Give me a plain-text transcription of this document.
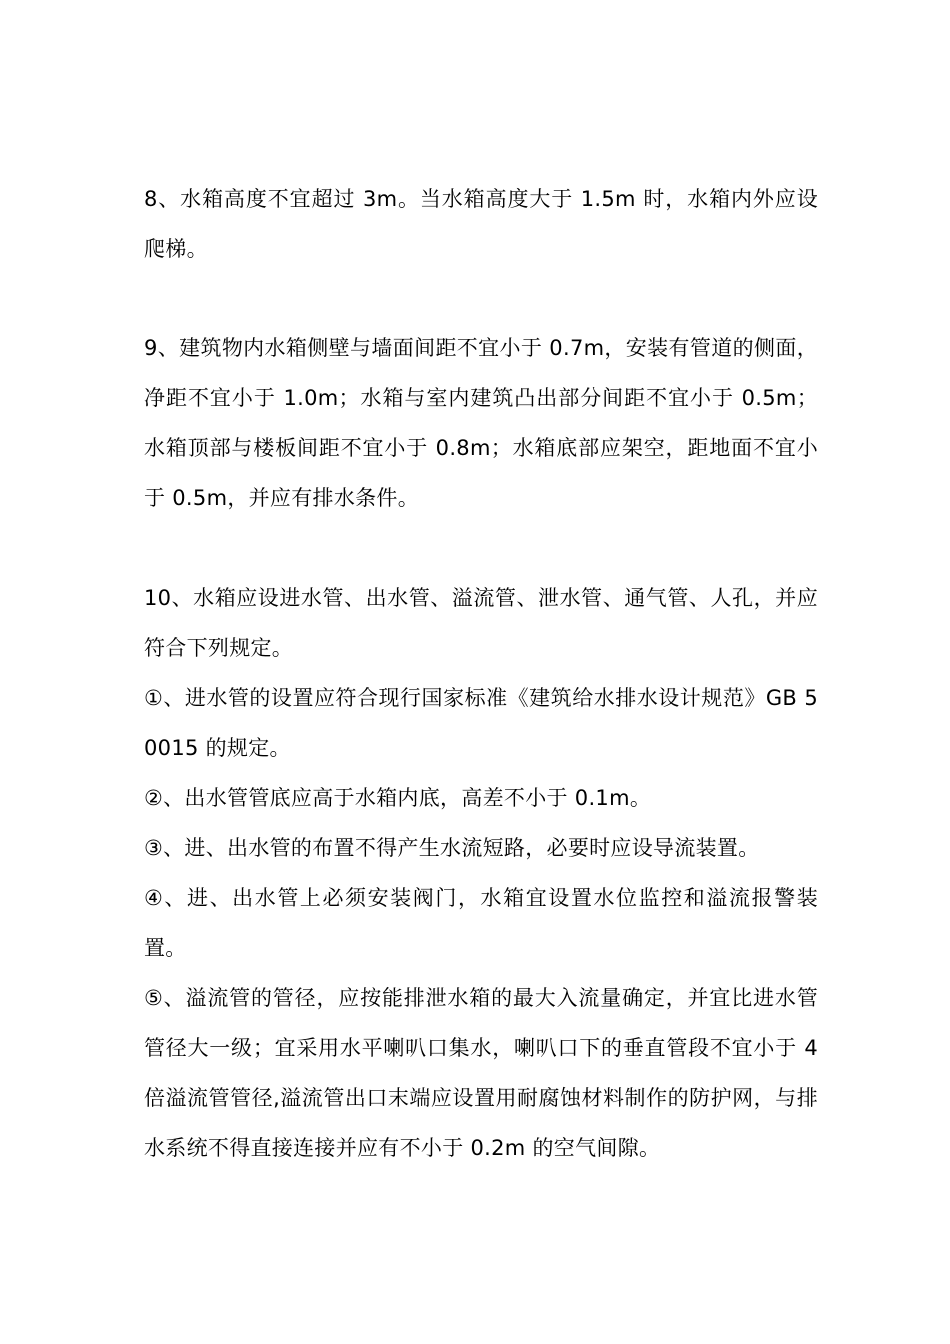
8、水箱高度不宜超过 3m。当水箱高度大于 1.5m 时，水箱内外应设爬梯。

9、建筑物内水箱侧壁与墙面间距不宜小于 0.7m，安装有管道的侧面，净距不宜小于 1.0m；水箱与室内建筑凸出部分间距不宜小于 0.5m；水箱顶部与楼板间距不宜小于 0.8m；水箱底部应架空，距地面不宜小于 0.5m，并应有排水条件。

10、水箱应设进水管、出水管、溢流管、泄水管、通气管、人孔，并应符合下列规定。

①、进水管的设置应符合现行国家标准《建筑给水排水设计规范》GB 50015 的规定。

②、出水管管底应高于水箱内底，高差不小于 0.1m。

③、进、出水管的布置不得产生水流短路，必要时应设导流装置。

④、进、出水管上必须安装阀门，水箱宜设置水位监控和溢流报警装置。

⑤、溢流管的管径，应按能排泄水箱的最大入流量确定，并宜比进水管管径大一级；宜采用水平喇叭口集水，喇叭口下的垂直管段不宜小于 4 倍溢流管管径,溢流管出口末端应设置用耐腐蚀材料制作的防护网，与排水系统不得直接连接并应有不小于 0.2m 的空气间隙。
